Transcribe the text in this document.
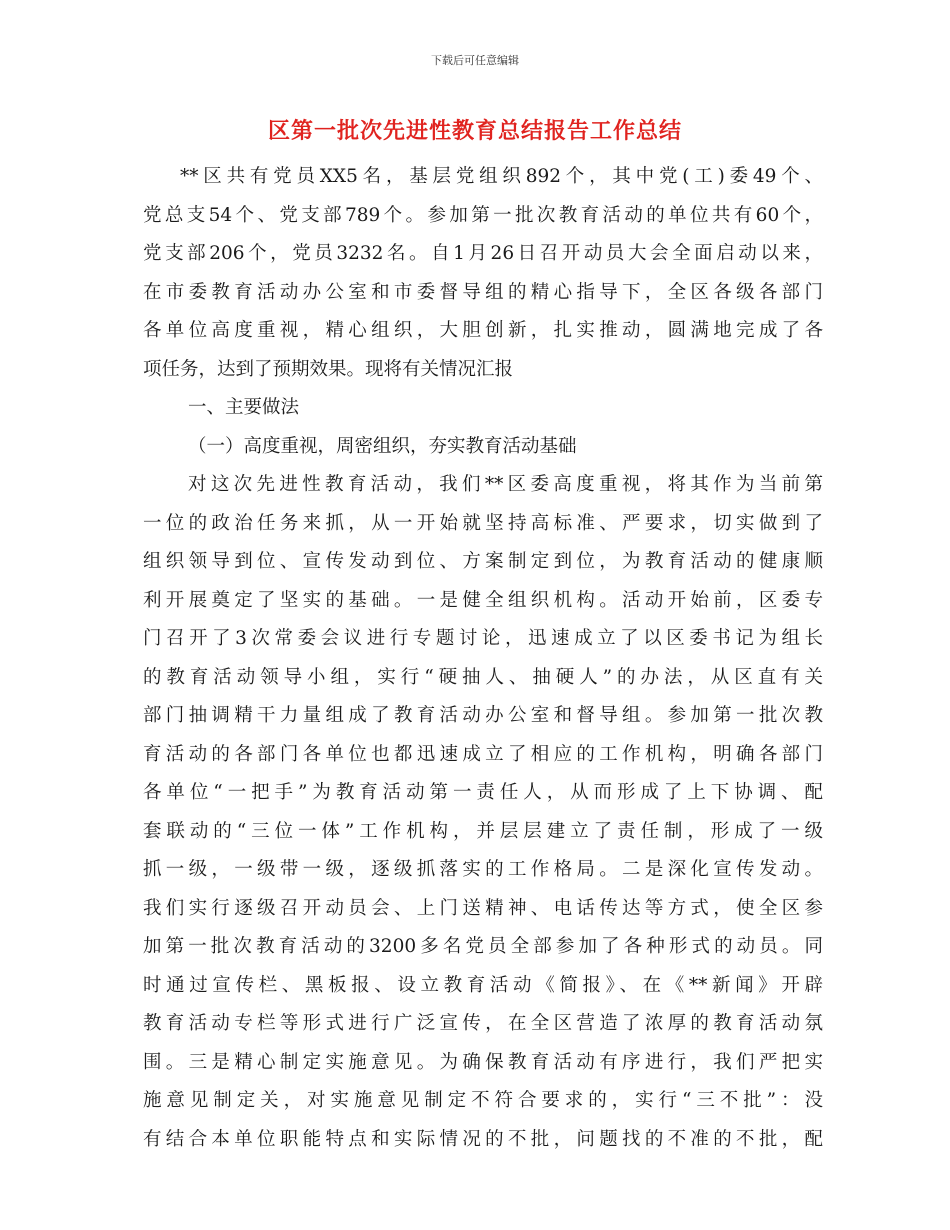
下载后可任意编辑
区第一批次先进性教育总结报告工作总结
**区共有党员XX5名，基层党组织892个，其中党(工)委49个、
党总支54个、党支部789个。参加第一批次教育活动的单位共有60个，
党支部206个，党员3232名。自1月26日召开动员大会全面启动以来，
在市委教育活动办公室和市委督导组的精心指导下，全区各级各部门
各单位高度重视，精心组织，大胆创新，扎实推动，圆满地完成了各
项任务，达到了预期效果。现将有关情况汇报
一、主要做法
（一）高度重视，周密组织，夯实教育活动基础
对这次先进性教育活动，我们**区委高度重视，将其作为当前第
一位的政治任务来抓，从一开始就坚持高标准、严要求，切实做到了
组织领导到位、宣传发动到位、方案制定到位，为教育活动的健康顺
利开展奠定了坚实的基础。一是健全组织机构。活动开始前，区委专
门召开了3次常委会议进行专题讨论，迅速成立了以区委书记为组长
的教育活动领导小组，实行“硬抽人、抽硬人”的办法，从区直有关
部门抽调精干力量组成了教育活动办公室和督导组。参加第一批次教
育活动的各部门各单位也都迅速成立了相应的工作机构，明确各部门
各单位“一把手”为教育活动第一责任人，从而形成了上下协调、配
套联动的“三位一体”工作机构，并层层建立了责任制，形成了一级
抓一级，一级带一级，逐级抓落实的工作格局。二是深化宣传发动。
我们实行逐级召开动员会、上门送精神、电话传达等方式，使全区参
加第一批次教育活动的3200多名党员全部参加了各种形式的动员。同
时通过宣传栏、黑板报、设立教育活动《简报》、在《**新闻》开辟
教育活动专栏等形式进行广泛宣传，在全区营造了浓厚的教育活动氛
围。三是精心制定实施意见。为确保教育活动有序进行，我们严把实
施意见制定关，对实施意见制定不符合要求的，实行“三不批”：没
有结合本单位职能特点和实际情况的不批，问题找的不准的不批，配
